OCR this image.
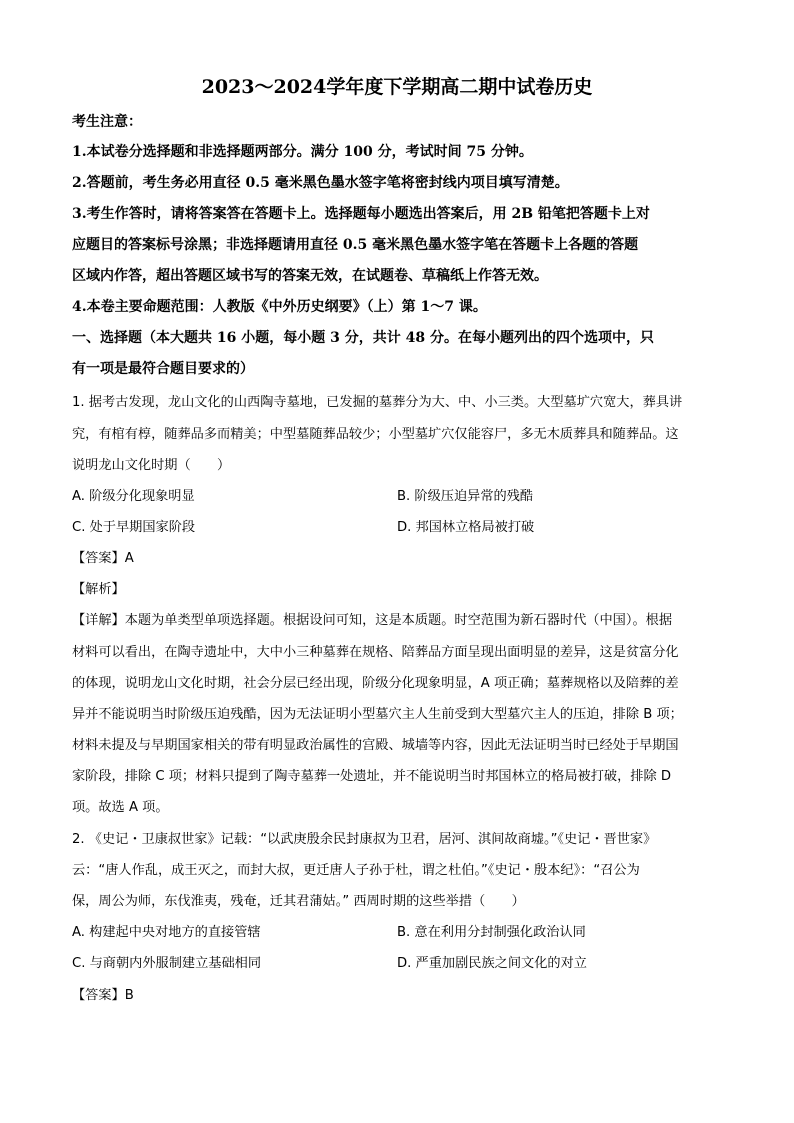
2023～2024学年度下学期高二期中试卷历史
考生注意：
1.本试卷分选择题和非选择题两部分。满分 100 分，考试时间 75 分钟。
2.答题前，考生务必用直径 0.5 毫米黑色墨水签字笔将密封线内项目填写清楚。
3.考生作答时，请将答案答在答题卡上。选择题每小题选出答案后，用 2B 铅笔把答题卡上对
应题目的答案标号涂黑；非选择题请用直径 0.5 毫米黑色墨水签字笔在答题卡上各题的答题
区域内作答，超出答题区域书写的答案无效，在试题卷、草稿纸上作答无效。
4.本卷主要命题范围：人教版《中外历史纲要》（上）第 1～7 课。
一、选择题（本大题共 16 小题，每小题 3 分，共计 48 分。在每小题列出的四个选项中，只
有一项是最符合题目要求的）
1. 据考古发现，龙山文化的山西陶寺墓地，已发掘的墓葬分为大、中、小三类。大型墓圹穴宽大，葬具讲
究，有棺有椁，随葬品多而精美；中型墓随葬品较少；小型墓圹穴仅能容尸，多无木质葬具和随葬品。这
说明龙山文化时期（　　）
A. 阶级分化现象明显	B. 阶级压迫异常的残酷
C. 处于早期国家阶段	D. 邦国林立格局被打破
【答案】A
【解析】
【详解】本题为单类型单项选择题。根据设问可知，这是本质题。时空范围为新石器时代（中国）。根据
材料可以看出，在陶寺遗址中，大中小三种墓葬在规格、陪葬品方面呈现出面明显的差异，这是贫富分化
的体现，说明龙山文化时期，社会分层已经出现，阶级分化现象明显，A 项正确；墓葬规格以及陪葬的差
异并不能说明当时阶级压迫残酷，因为无法证明小型墓穴主人生前受到大型墓穴主人的压迫，排除 B 项；
材料未提及与早期国家相关的带有明显政治属性的宫殿、城墙等内容，因此无法证明当时已经处于早期国
家阶段，排除 C 项；材料只提到了陶寺墓葬一处遗址，并不能说明当时邦国林立的格局被打破，排除 D
项。故选 A 项。
2. 《史记・卫康叔世家》记载：“以武庚殷余民封康叔为卫君，居河、淇间故商墟。”《史记・晋世家》
云：“唐人作乱，成王灭之，而封大叔，更迁唐人子孙于杜，谓之杜伯。”《史记・殷本纪》：“召公为
保，周公为师，东伐淮夷，残奄，迁其君蒲姑。” 西周时期的这些举措（　　）
A. 构建起中央对地方的直接管辖	B. 意在利用分封制强化政治认同
C. 与商朝内外服制建立基础相同	D. 严重加剧民族之间文化的对立
【答案】B
